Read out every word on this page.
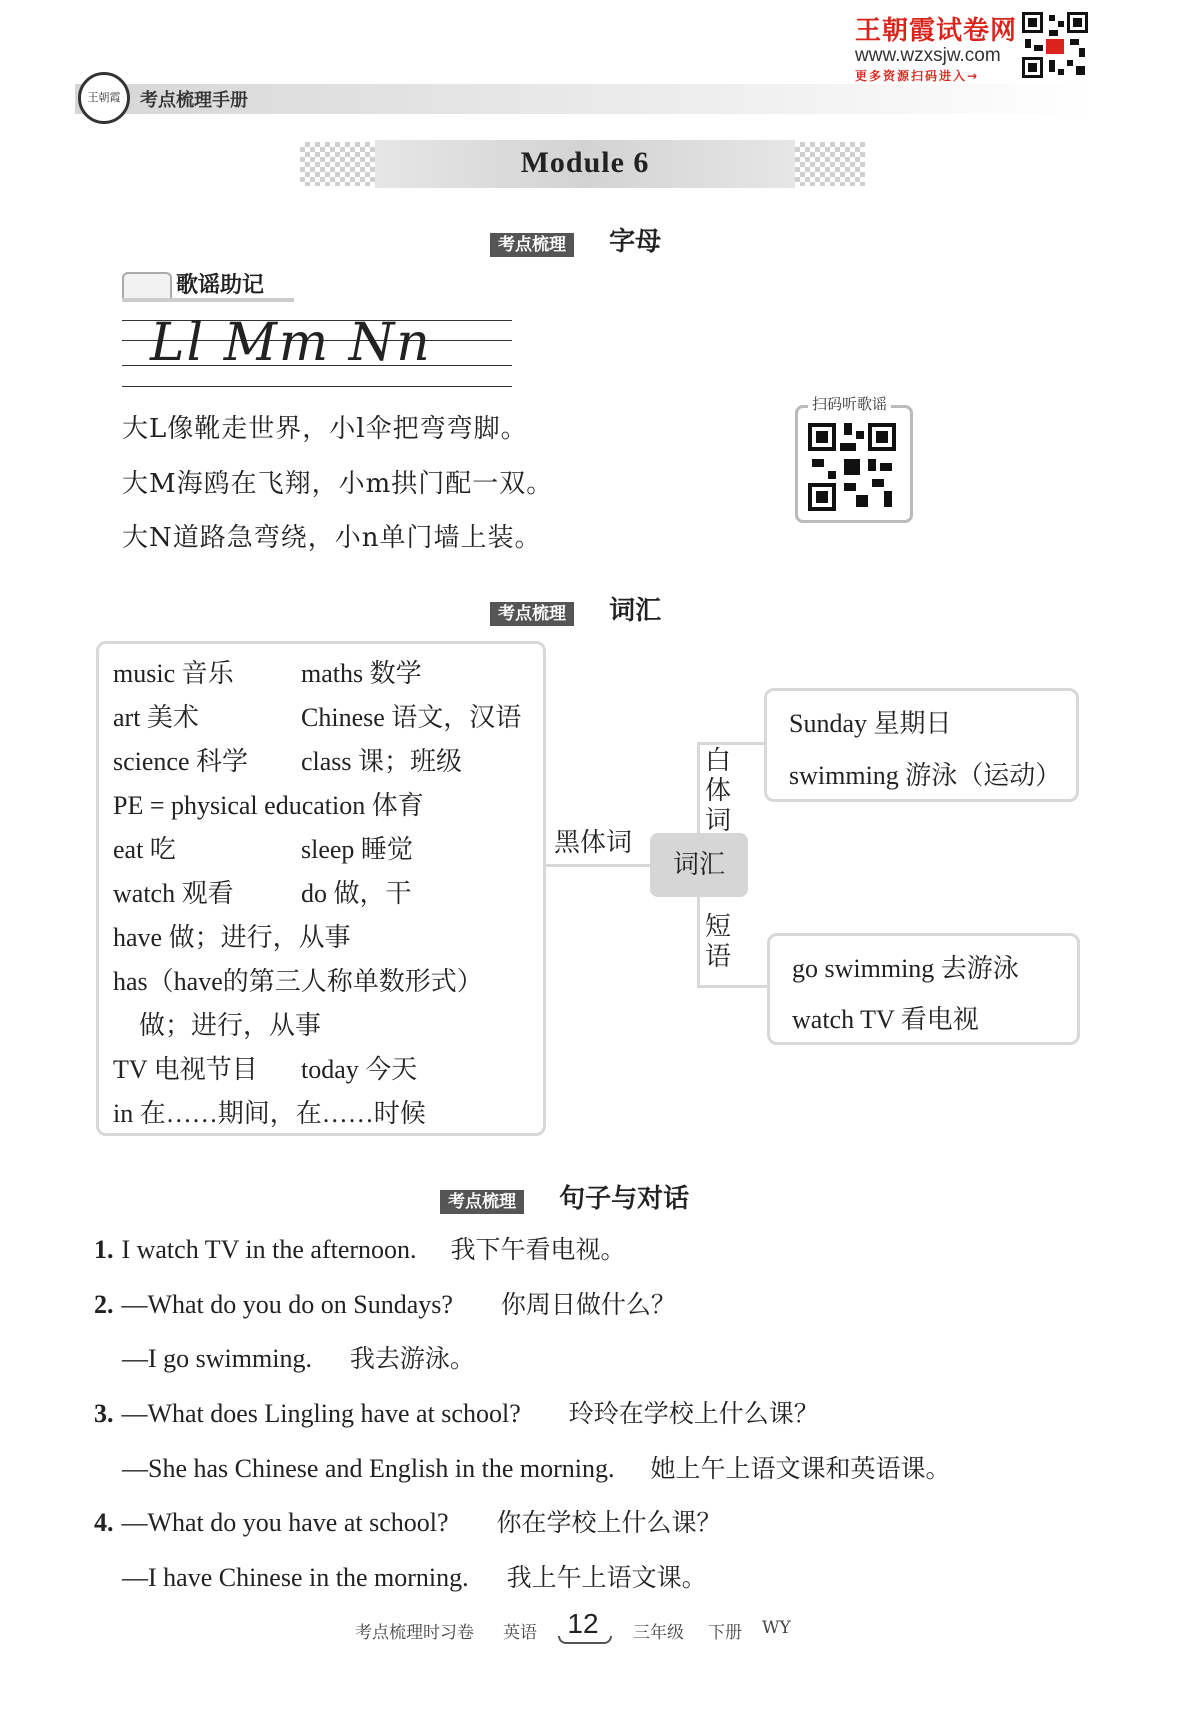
王朝霞	考点梳理手册
王朝霞试卷网
www.wzxsjw.com
更多资源扫码进入→
Module 6
考点梳理 字母
歌谣助记
Ll Mm Nn
大L像靴走世界，小l伞把弯弯脚。
大M海鸥在飞翔，小m拱门配一双。
大N道路急弯绕，小n单门墙上装。
扫码听歌谣
考点梳理 词汇
music 音乐	maths 数学
art 美术	Chinese 语文，汉语
science 科学 class 课；班级
PE = physical education 体育
eat 吃	sleep 睡觉
watch 观看	do 做，干
have 做；进行，从事
has（have的第三人称单数形式）
做；进行，从事
TV 电视节目 today 今天
in 在……期间，在……时候
黑体词
词汇
白体词
短语
Sunday 星期日
swimming 游泳（运动）
go swimming 去游泳
watch TV 看电视
考点梳理 句子与对话
1. I watch TV in the afternoon. 我下午看电视。
2. —What do you do on Sundays? 你周日做什么？
—I go swimming. 我去游泳。
3. —What does Lingling have at school? 玲玲在学校上什么课？
—She has Chinese and English in the morning. 她上午上语文课和英语课。
4. —What do you have at school? 你在学校上什么课？
—I have Chinese in the morning. 我上午上语文课。
考点梳理时习卷 英语	12	三年级 下册 WY
